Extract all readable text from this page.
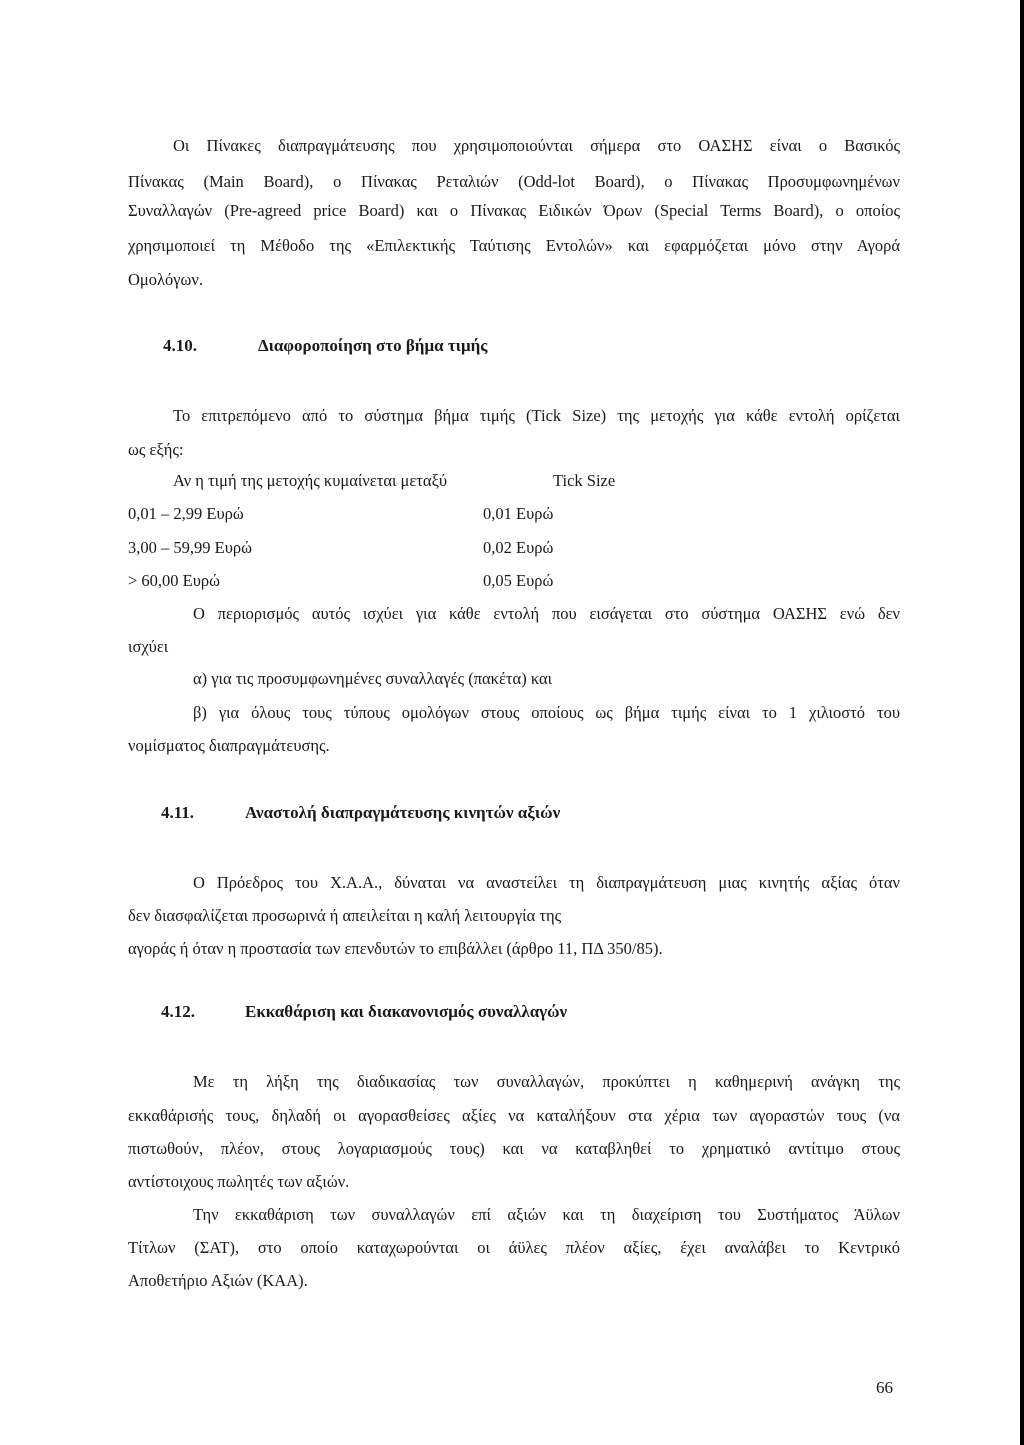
Οι Πίνακες διαπραγμάτευσης που χρησιμοποιούνται σήμερα στο ΟΑΣΗΣ είναι ο Βασικός
Πίνακας (Main Board), ο Πίνακας Ρεταλιών (Odd-lot Board), ο Πίνακας Προσυμφωνημένων
Συναλλαγών (Pre-agreed price Board) και ο Πίνακας Ειδικών Όρων (Special Terms Board), ο οποίος
χρησιμοποιεί τη Μέθοδο της «Επιλεκτικής Ταύτισης Εντολών» και εφαρμόζεται μόνο στην Αγορά
Ομολόγων.
4.10.	Διαφοροποίηση στο βήμα τιμής
Το επιτρεπόμενο από το σύστημα βήμα τιμής (Tick Size) της μετοχής για κάθε εντολή ορίζεται
ως εξής:
Αν η τιμή της μετοχής κυμαίνεται μεταξύ	Tick Size
0,01 – 2,99 Ευρώ	0,01 Ευρώ
3,00 – 59,99 Ευρώ	0,02 Ευρώ
> 60,00 Ευρώ	0,05 Ευρώ
Ο περιορισμός αυτός ισχύει για κάθε εντολή που εισάγεται στο σύστημα ΟΑΣΗΣ ενώ δεν
ισχύει
α) για τις προσυμφωνημένες συναλλαγές (πακέτα) και
β) για όλους τους τύπους ομολόγων στους οποίους ως βήμα τιμής είναι το 1 χιλιοστό του
νομίσματος διαπραγμάτευσης.
4.11.	Αναστολή διαπραγμάτευσης κινητών αξιών
Ο Πρόεδρος του Χ.Α.Α., δύναται να αναστείλει τη διαπραγμάτευση μιας κινητής αξίας όταν
δεν διασφαλίζεται προσωρινά ή απειλείται η καλή λειτουργία της
αγοράς ή όταν η προστασία των επενδυτών το επιβάλλει (άρθρο 11, ΠΔ 350/85).
4.12.	Εκκαθάριση και διακανονισμός συναλλαγών
Με τη λήξη της διαδικασίας των συναλλαγών, προκύπτει η καθημερινή ανάγκη της
εκκαθάρισής τους, δηλαδή οι αγορασθείσες αξίες να καταλήξουν στα χέρια των αγοραστών τους (να
πιστωθούν, πλέον, στους λογαριασμούς τους) και να καταβληθεί το χρηματικό αντίτιμο στους
αντίστοιχους πωλητές των αξιών.
Την εκκαθάριση των συναλλαγών επί αξιών και τη διαχείριση του Συστήματος Άϋλων
Τίτλων (ΣΑΤ), στο οποίο καταχωρούνται οι άϋλες πλέον αξίες, έχει αναλάβει το Κεντρικό
Αποθετήριο Αξιών (ΚΑΑ).
66
